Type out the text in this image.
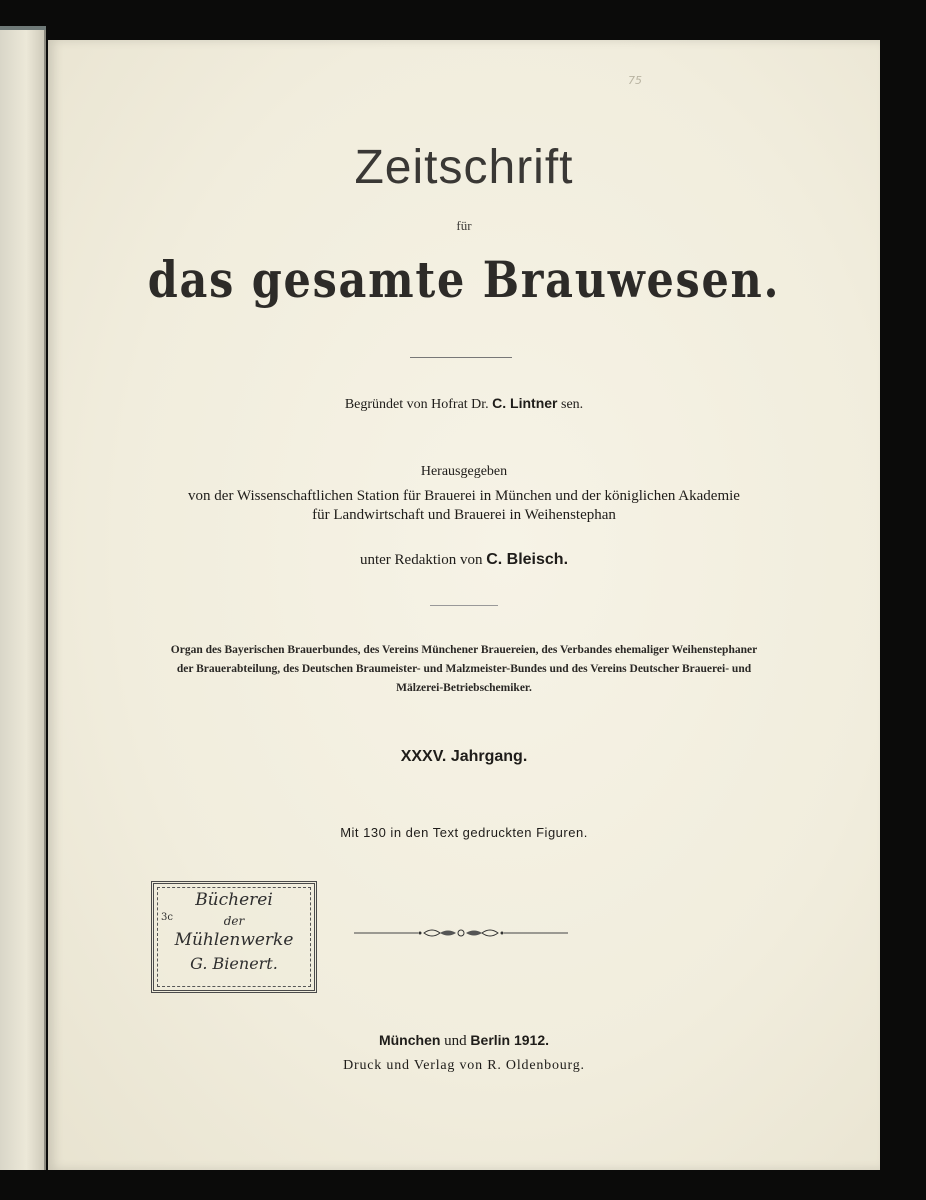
75
Zeitschrift
für
das gesamte Brauwesen.
Begründet von Hofrat Dr. C. Lintner sen.
Herausgegeben
von der Wissenschaftlichen Station für Brauerei in München und der königlichen Akademie
für Landwirtschaft und Brauerei in Weihenstephan
unter Redaktion von C. Bleisch.
Organ des Bayerischen Brauerbundes, des Vereins Münchener Brauereien, des Verbandes ehemaliger Weihenstephaner
der Brauerabteilung, des Deutschen Braumeister- und Malzmeister-Bundes und des Vereins Deutscher Brauerei- und
Mälzerei-Betriebschemiker.
XXXV. Jahrgang.
Mit 130 in den Text gedruckten Figuren.
3c
Bücherei
der
Mühlenwerke
G. Bienert.
München und Berlin 1912.
Druck und Verlag von R. Oldenbourg.
